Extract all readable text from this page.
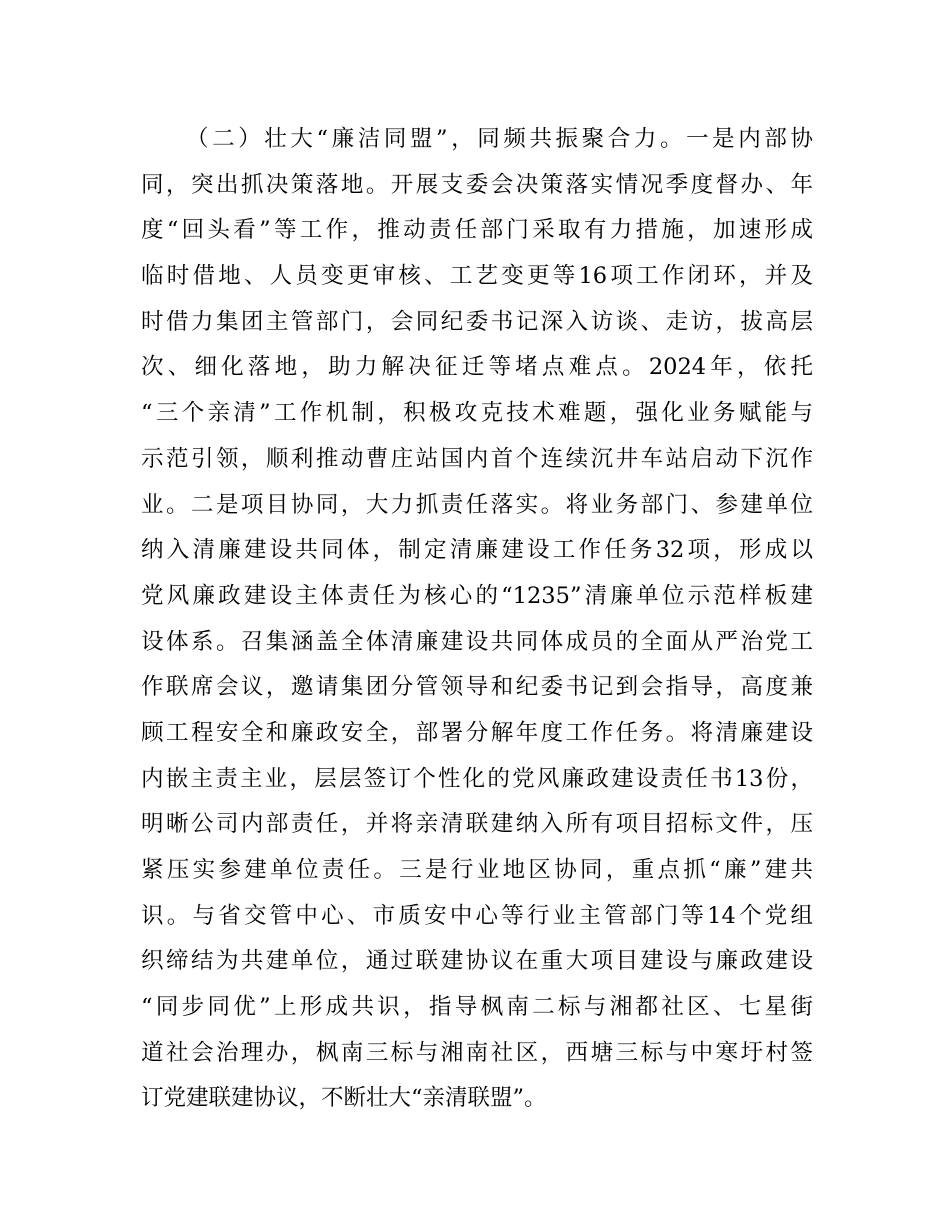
（二）壮大“廉洁同盟”，同频共振聚合力。一是内部协
同，突出抓决策落地。开展支委会决策落实情况季度督办、年
度“回头看”等工作，推动责任部门采取有力措施，加速形成
临时借地、人员变更审核、工艺变更等16项工作闭环，并及
时借力集团主管部门，会同纪委书记深入访谈、走访，拔高层
次、细化落地，助力解决征迁等堵点难点。2024年，依托
“三个亲清”工作机制，积极攻克技术难题，强化业务赋能与
示范引领，顺利推动曹庄站国内首个连续沉井车站启动下沉作
业。二是项目协同，大力抓责任落实。将业务部门、参建单位
纳入清廉建设共同体，制定清廉建设工作任务32项，形成以
党风廉政建设主体责任为核心的“1235”清廉单位示范样板建
设体系。召集涵盖全体清廉建设共同体成员的全面从严治党工
作联席会议，邀请集团分管领导和纪委书记到会指导，高度兼
顾工程安全和廉政安全，部署分解年度工作任务。将清廉建设
内嵌主责主业，层层签订个性化的党风廉政建设责任书13份，
明晰公司内部责任，并将亲清联建纳入所有项目招标文件，压
紧压实参建单位责任。三是行业地区协同，重点抓“廉”建共
识。与省交管中心、市质安中心等行业主管部门等14个党组
织缔结为共建单位，通过联建协议在重大项目建设与廉政建设
“同步同优”上形成共识，指导枫南二标与湘都社区、七星街
道社会治理办，枫南三标与湘南社区，西塘三标与中寒圩村签
订党建联建协议，不断壮大“亲清联盟”。
